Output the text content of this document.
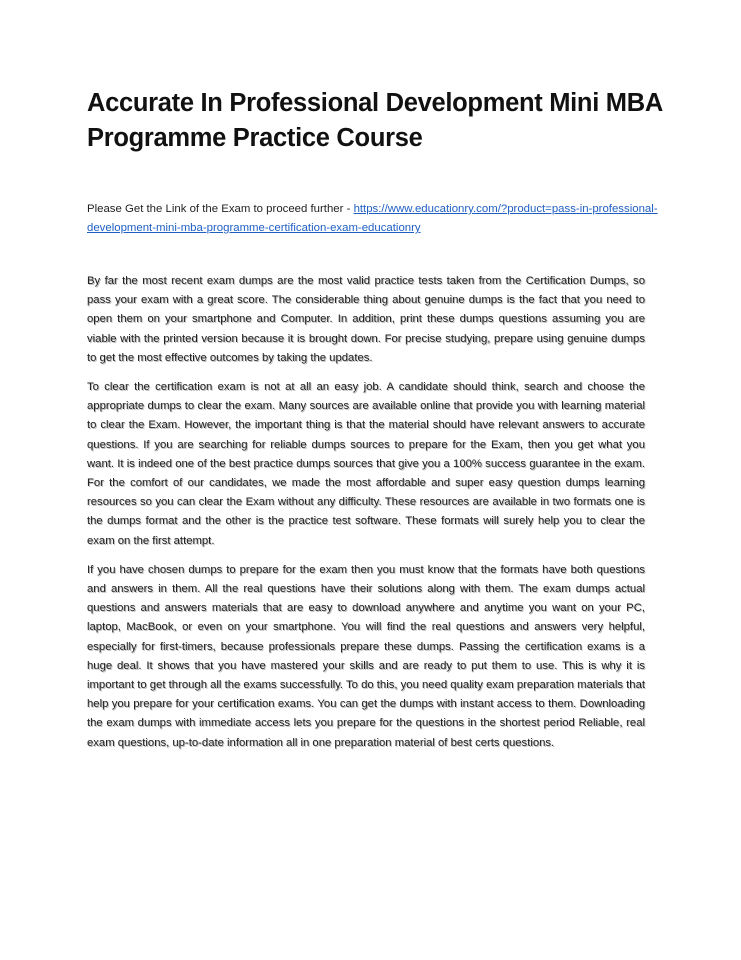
Accurate In Professional Development Mini MBA Programme Practice Course
Please Get the Link of the Exam to proceed further - https://www.educationry.com/?product=pass-in-professional-development-mini-mba-programme-certification-exam-educationry

By far the most recent exam dumps are the most valid practice tests taken from the Certification Dumps, so pass your exam with a great score. The considerable thing about genuine dumps is the fact that you need to open them on your smartphone and Computer. In addition, print these dumps questions assuming you are viable with the printed version because it is brought down. For precise studying, prepare using genuine dumps to get the most effective outcomes by taking the updates.

To clear the certification exam is not at all an easy job. A candidate should think, search and choose the appropriate dumps to clear the exam. Many sources are available online that provide you with learning material to clear the Exam. However, the important thing is that the material should have relevant answers to accurate questions. If you are searching for reliable dumps sources to prepare for the Exam, then you get what you want. It is indeed one of the best practice dumps sources that give you a 100% success guarantee in the exam. For the comfort of our candidates, we made the most affordable and super easy question dumps learning resources so you can clear the Exam without any difficulty. These resources are available in two formats one is the dumps format and the other is the practice test software. These formats will surely help you to clear the exam on the first attempt.

If you have chosen dumps to prepare for the exam then you must know that the formats have both questions and answers in them. All the real questions have their solutions along with them. The exam dumps actual questions and answers materials that are easy to download anywhere and anytime you want on your PC, laptop, MacBook, or even on your smartphone. You will find the real questions and answers very helpful, especially for first-timers, because professionals prepare these dumps. Passing the certification exams is a huge deal. It shows that you have mastered your skills and are ready to put them to use. This is why it is important to get through all the exams successfully. To do this, you need quality exam preparation materials that help you prepare for your certification exams. You can get the dumps with instant access to them. Downloading the exam dumps with immediate access lets you prepare for the questions in the shortest period Reliable, real exam questions, up-to-date information all in one preparation material of best certs questions.
